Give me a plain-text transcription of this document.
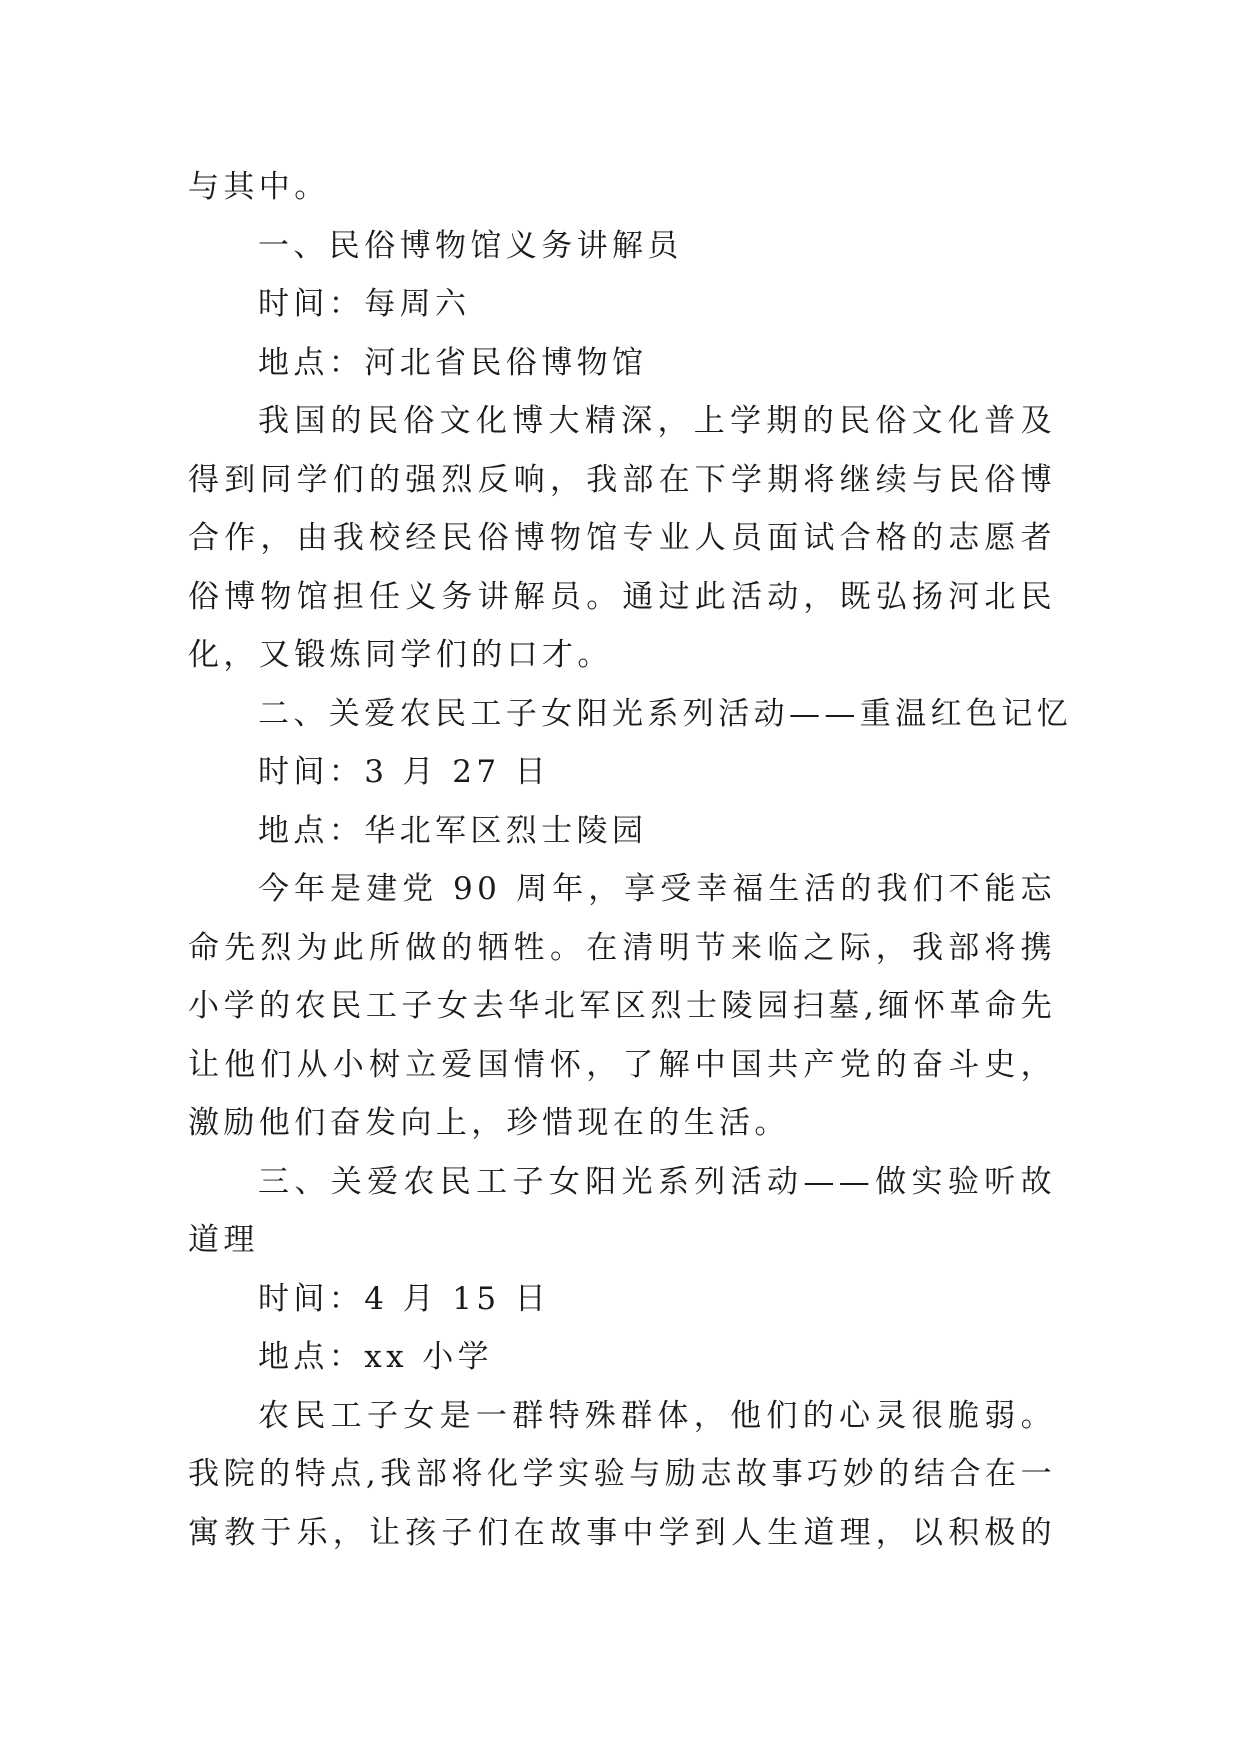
与其中。
一、民俗博物馆义务讲解员
时间：每周六
地点：河北省民俗博物馆
我国的民俗文化博大精深，上学期的民俗文化普及
得到同学们的强烈反响，我部在下学期将继续与民俗博
合作，由我校经民俗博物馆专业人员面试合格的志愿者
俗博物馆担任义务讲解员。通过此活动，既弘扬河北民
化，又锻炼同学们的口才。
二、关爱农民工子女阳光系列活动——重温红色记忆
时间：3 月 27 日
地点：华北军区烈士陵园
今年是建党 90 周年，享受幸福生活的我们不能忘
命先烈为此所做的牺牲。在清明节来临之际，我部将携
小学的农民工子女去华北军区烈士陵园扫墓,缅怀革命先
让他们从小树立爱国情怀，了解中国共产党的奋斗史，
激励他们奋发向上，珍惜现在的生活。
三、关爱农民工子女阳光系列活动——做实验听故
道理
时间：4 月 15 日
地点：xx 小学
农民工子女是一群特殊群体，他们的心灵很脆弱。
我院的特点,我部将化学实验与励志故事巧妙的结合在一
寓教于乐，让孩子们在故事中学到人生道理，以积极的
